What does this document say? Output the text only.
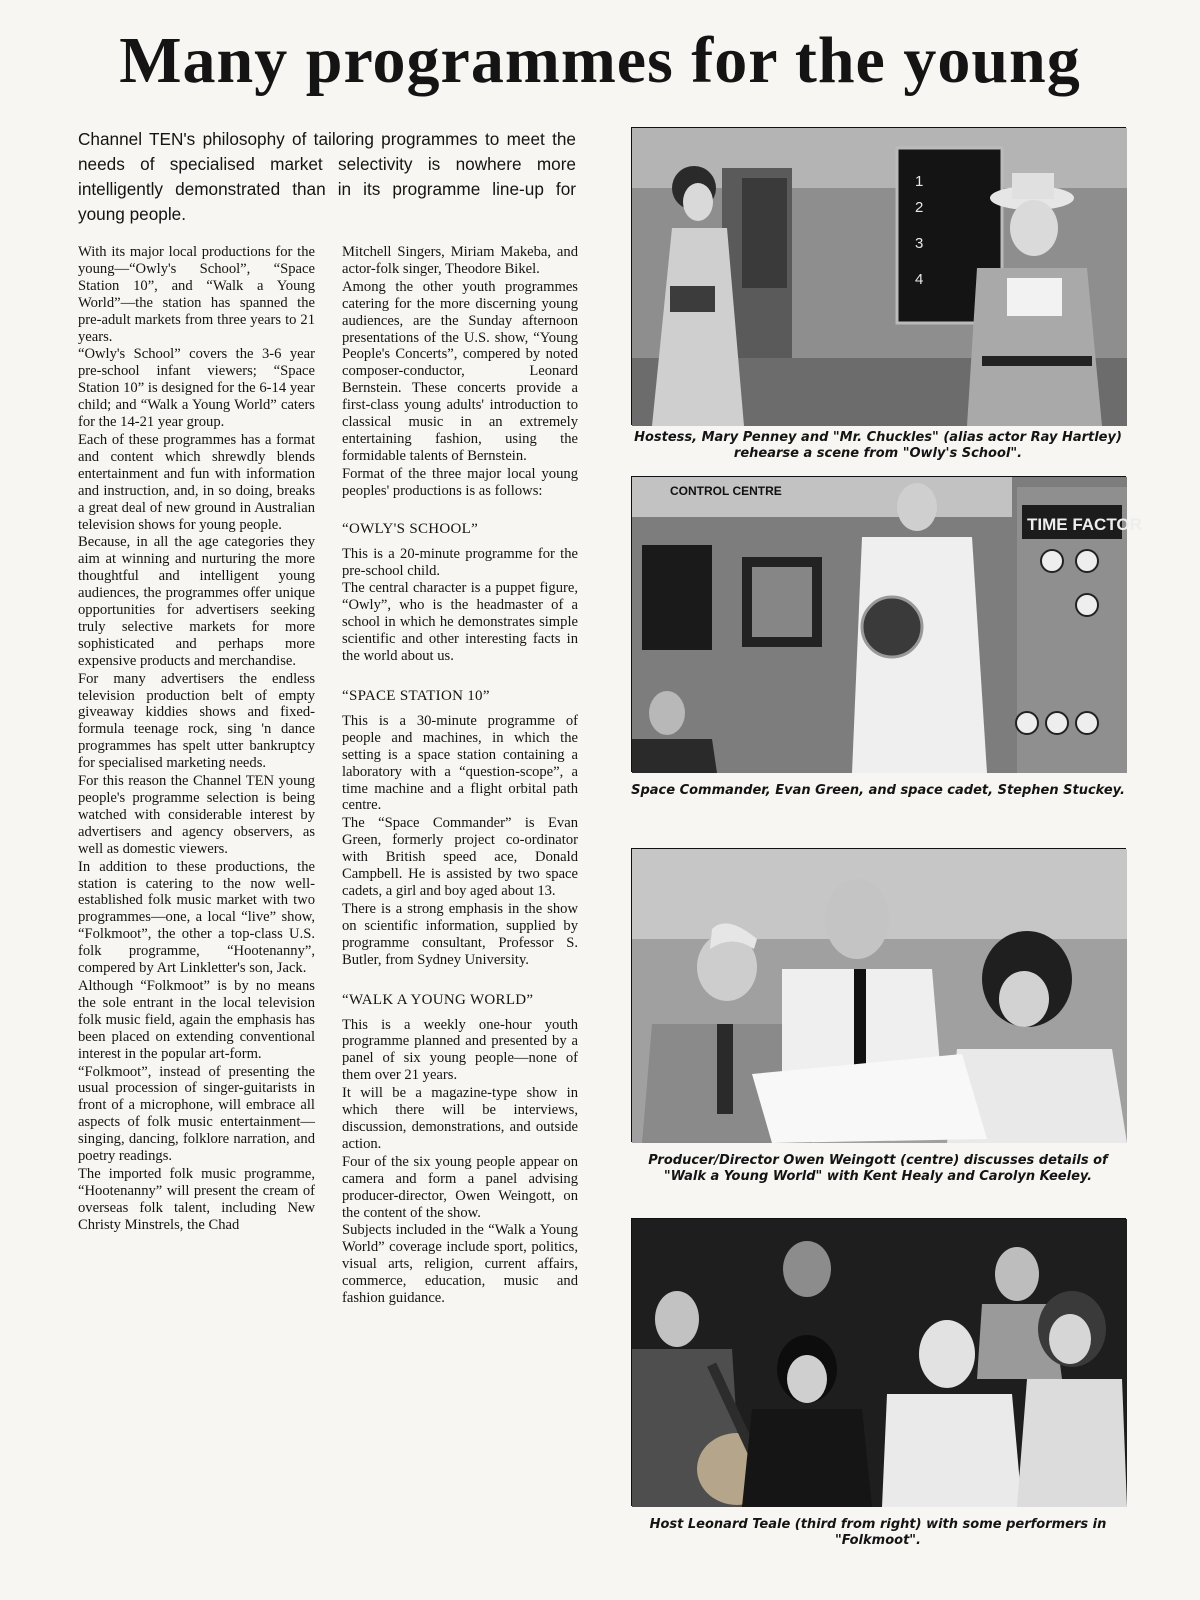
Many programmes for the young

Channel TEN's philosophy of tailoring programmes to meet the needs of specialised market selectivity is nowhere more intelligently demonstrated than in its programme line-up for young people.

With its major local productions for the young—“Owly's School”, “Space Station 10”, and “Walk a Young World”—the station has spanned the pre-adult markets from three years to 21 years.

“Owly's School” covers the 3-6 year pre-school infant viewers; “Space Station 10” is designed for the 6-14 year child; and “Walk a Young World” caters for the 14-21 year group.

Each of these programmes has a format and content which shrewdly blends entertainment and fun with information and instruction, and, in so doing, breaks a great deal of new ground in Australian television shows for young people.

Because, in all the age categories they aim at winning and nurturing the more thoughtful and intelligent young audiences, the programmes offer unique opportunities for advertisers seeking truly selective markets for more sophisticated and perhaps more expensive products and merchandise.

For many advertisers the endless television production belt of empty giveaway kiddies shows and fixed-formula teenage rock, sing 'n dance programmes has spelt utter bankruptcy for specialised marketing needs.

For this reason the Channel TEN young people's programme selection is being watched with considerable interest by advertisers and agency observers, as well as domestic viewers.

In addition to these productions, the station is catering to the now well-established folk music market with two programmes—one, a local “live” show, “Folkmoot”, the other a top-class U.S. folk programme, “Hootenanny”, compered by Art Linkletter's son, Jack.

Although “Folkmoot” is by no means the sole entrant in the local television folk music field, again the emphasis has been placed on extending conventional interest in the popular art-form.

“Folkmoot”, instead of presenting the usual procession of singer-guitarists in front of a microphone, will embrace all aspects of folk music entertainment—singing, dancing, folklore narration, and poetry readings.

The imported folk music programme, “Hootenanny” will present the cream of overseas folk talent, including New Christy Minstrels, the Chad

Mitchell Singers, Miriam Makeba, and actor-folk singer, Theodore Bikel.

Among the other youth programmes catering for the more discerning young audiences, are the Sunday afternoon presentations of the U.S. show, “Young People's Concerts”, compered by noted composer-conductor, Leonard Bernstein. These concerts provide a first-class young adults' introduction to classical music in an extremely entertaining fashion, using the formidable talents of Bernstein.

Format of the three major local young peoples' productions is as follows:

“OWLY'S SCHOOL”

This is a 20-minute programme for the pre-school child.

The central character is a puppet figure, “Owly”, who is the headmaster of a school in which he demonstrates simple scientific and other interesting facts in the world about us.

“SPACE STATION 10”

This is a 30-minute programme of people and machines, in which the setting is a space station containing a laboratory with a “question-scope”, a time machine and a flight orbital path centre.

The “Space Commander” is Evan Green, formerly project co-ordinator with British speed ace, Donald Campbell. He is assisted by two space cadets, a girl and boy aged about 13.

There is a strong emphasis in the show on scientific information, supplied by programme consultant, Professor S. Butler, from Sydney University.

“WALK A YOUNG WORLD”

This is a weekly one-hour youth programme planned and presented by a panel of six young people—none of them over 21 years.

It will be a magazine-type show in which there will be interviews, discussion, demonstrations, and outside action.

Four of the six young people appear on camera and form a panel advising producer-director, Owen Weingott, on the content of the show.

Subjects included in the “Walk a Young World” coverage include sport, politics, visual arts, religion, current affairs, commerce, education, music and fashion guidance.

1
2
3
4

Hostess, Mary Penney and "Mr. Chuckles" (alias actor Ray Hartley) rehearse a scene from "Owly's School".

CONTROL CENTRE
TIME FACTOR

Space Commander, Evan Green, and space cadet, Stephen Stuckey.

Producer/Director Owen Weingott (centre) discusses details of "Walk a Young World" with Kent Healy and Carolyn Keeley.

Host Leonard Teale (third from right) with some performers in "Folkmoot".
